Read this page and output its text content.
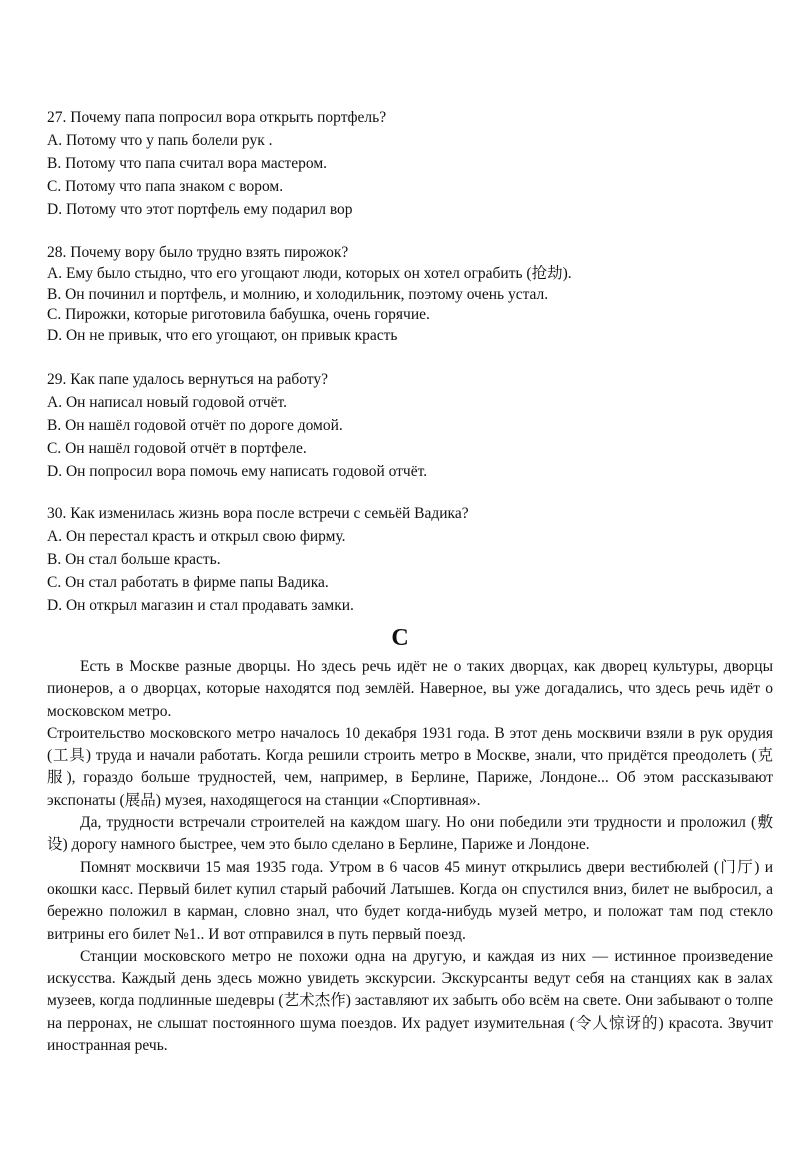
27. Почему папа попросил вора открыть портфель?

A. Потому что у папь болели рук .

B. Потому что папа считал вора мастером.

C. Потому что папа знаком с вором.

D. Потому что этот портфель ему подарил вор

28. Почему вору было трудно взять пирожок?

A. Ему было стыдно, что его угощают люди, которых он хотел ограбить (抢劫).

B. Он починил и портфель, и молнию, и холодильник, поэтому очень устал.

C. Пирожки, которые риготовила бабушка, очень горячие.

D. Он не привык, что его угощают, он привык красть

29. Как папе удалось вернуться на работу?

A. Он написал новый годовой отчёт.

B. Он нашёл годовой отчёт по дороге домой.

C. Он нашёл годовой отчёт в портфеле.

D. Он попросил вора помочь ему написать годовой отчёт.

30. Как изменилась жизнь вора после встречи с семьёй Вадика?

A. Он перестал красть и открыл свою фирму.

B. Он стал больше красть.

C. Он стал работать в фирме папы Вадика.

D. Он открыл магазин и стал продавать замки.

C

Есть в Москве разные дворцы. Но здесь речь идёт не о таких дворцах, как дворец культуры, дворцы пионеров, а о дворцах, которые находятся под землёй. Наверное, вы уже догадались, что здесь речь идёт о московском метро.

Строительство московского метро началось 10 декабря 1931 года. В этот день москвичи взяли в рук орудия (工具) труда и начали работать. Когда решили строить метро в Москве, знали, что придётся преодолеть (克服), гораздо больше трудностей, чем, например, в Берлине, Париже, Лондоне... Об этом рассказывают экспонаты (展品) музея, находящегося на станции «Спортивная».

Да, трудности встречали строителей на каждом шагу. Но они победили эти трудности и проложил (敷设) дорогу намного быстрее, чем это было сделано в Берлине, Париже и Лондоне.

Помнят москвичи 15 мая 1935 года. Утром в 6 часов 45 минут открылись двери вестибюлей (门厅) и окошки касс. Первый билет купил старый рабочий Латышев. Когда он спустился вниз, билет не выбросил, а бережно положил в карман, словно знал, что будет когда-нибудь музей метро, и положат там под стекло витрины его билет №1.. И вот отправился в путь первый поезд.

Станции московского метро не похожи одна на другую, и каждая из них — истинное произведение искусства. Каждый день здесь можно увидеть экскурсии. Экскурсанты ведут себя на станциях как в залах музеев, когда подлинные шедевры (艺术杰作) заставляют их забыть обо всём на свете. Они забывают о толпе на перронах, не слышат постоянного шума поездов. Их радует изумительная (令人惊讶的) красота. Звучит иностранная речь.
